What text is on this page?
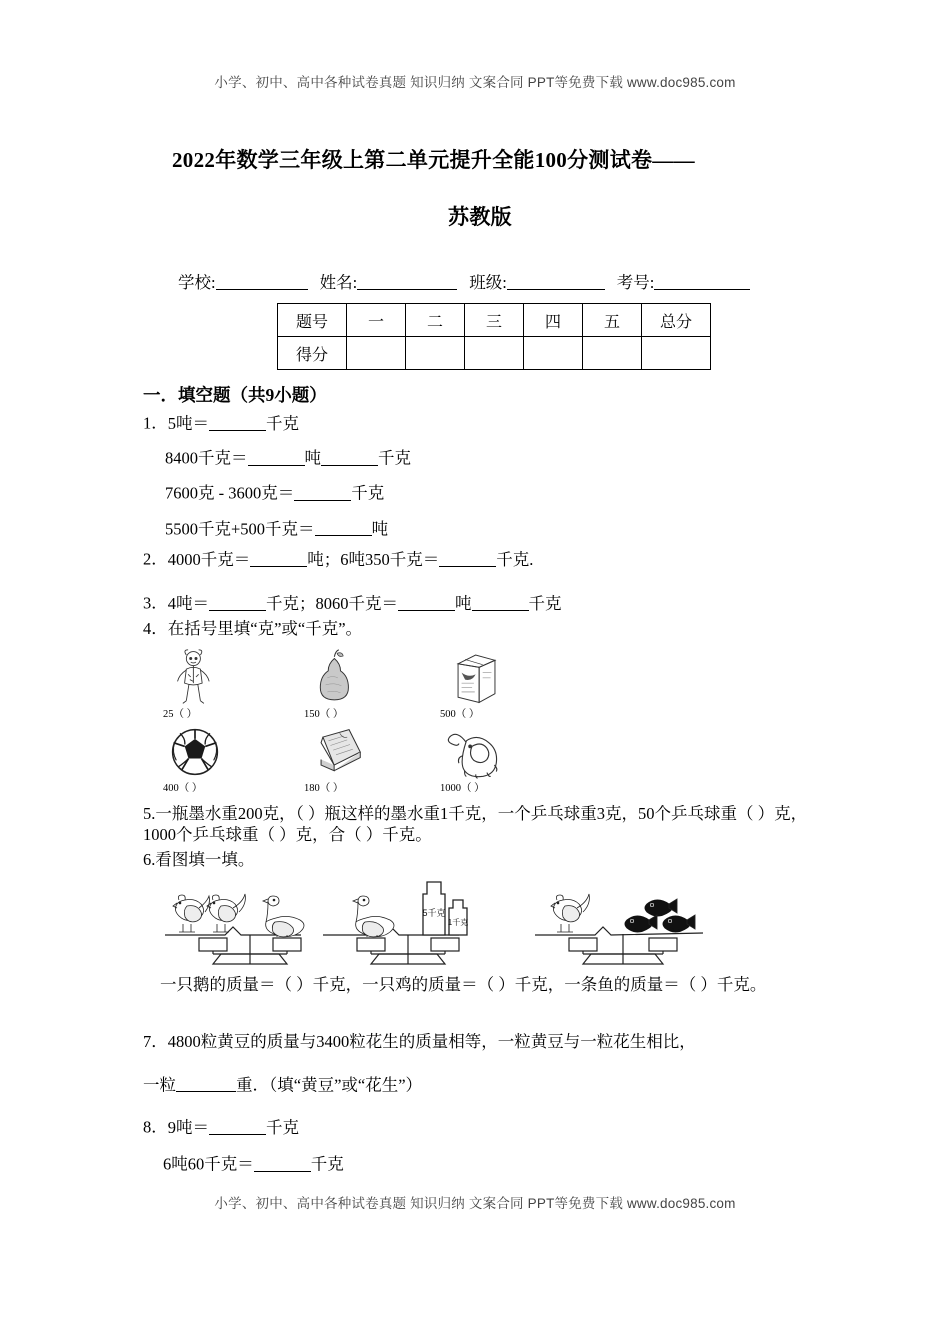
小学、初中、高中各种试卷真题 知识归纳 文案合同 PPT等免费下载 www.doc985.com
2022年数学三年级上第二单元提升全能100分测试卷——
苏教版
学校:	姓名:	班级:	考号:
题号	一	二	三	四	五	总分
得分						
一．填空题（共9小题）
1．5吨＝	千克
8400千克＝	吨	千克
7600克 - 3600克＝	千克
5500千克+500千克＝	吨
2．4000千克＝	吨；6吨350千克＝	千克.
3．4吨＝	千克；8060千克＝	吨	千克
4．在括号里填“克”或“千克”。
25（ ）	150（ ）	500（ ）
400（ ）	180（ ）	1000（ ）
5.一瓶墨水重200克，（ ）瓶这样的墨水重1千克，一个乒乓球重3克，50个乒乓球重（ ）克，1000个乒乓球重（ ）克，合（ ）千克。
6.看图填一填。
5千克
1千克
一只鹅的质量＝（ ）千克，一只鸡的质量＝（ ）千克，一条鱼的质量＝（ ）千克。
7．4800粒黄豆的质量与3400粒花生的质量相等，一粒黄豆与一粒花生相比，
一粒	重．（填“黄豆”或“花生”）
8．9吨＝	千克
6吨60千克＝	千克
小学、初中、高中各种试卷真题 知识归纳 文案合同 PPT等免费下载 www.doc985.com
